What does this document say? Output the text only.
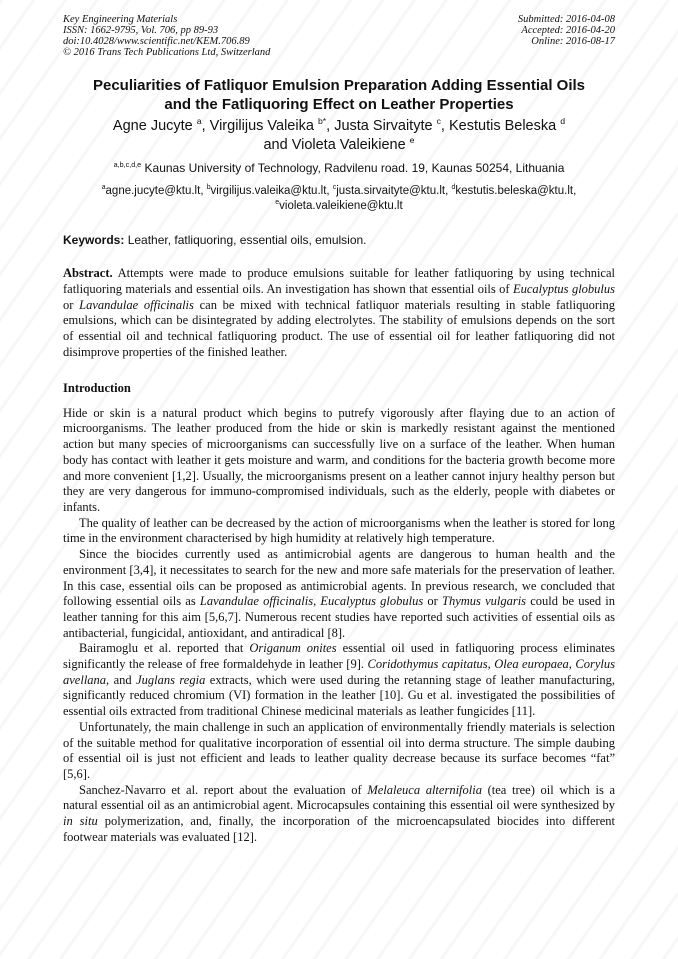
Key Engineering Materials
ISSN: 1662-9795, Vol. 706, pp 89-93
doi:10.4028/www.scientific.net/KEM.706.89
© 2016 Trans Tech Publications Ltd, Switzerland
Submitted: 2016-04-08
Accepted: 2016-04-20
Online: 2016-08-17
Peculiarities of Fatliquor Emulsion Preparation Adding Essential Oils
and the Fatliquoring Effect on Leather Properties
Agne Jucyte $^a$, Virgilijus Valeika $^{b*}$, Justa Sirvaityte $^c$, Kestutis Beleska $^d$
and Violeta Valeikiene $^e$
$^{a,b,c,d,e}$ Kaunas University of Technology, Radvilenu road. 19, Kaunas 50254, Lithuania
$^a$agne.jucyte@ktu.lt, $^b$virgilijus.valeika@ktu.lt, $^c$justa.sirvaityte@ktu.lt, $^d$kestutis.beleska@ktu.lt,
$^e$violeta.valeikiene@ktu.lt
Keywords: Leather, fatliquoring, essential oils, emulsion.

Abstract. Attempts were made to produce emulsions suitable for leather fatliquoring by using technical fatliquoring materials and essential oils. An investigation has shown that essential oils of Eucalyptus globulus or Lavandulae officinalis can be mixed with technical fatliquor materials resulting in stable fatliquoring emulsions, which can be disintegrated by adding electrolytes. The stability of emulsions depends on the sort of essential oil and technical fatliquoring product. The use of essential oil for leather fatliquoring did not disimprove properties of the finished leather.

Introduction

Hide or skin is a natural product which begins to putrefy vigorously after flaying due to an action of microorganisms. The leather produced from the hide or skin is markedly resistant against the mentioned action but many species of microorganisms can successfully live on a surface of the leather. When human body has contact with leather it gets moisture and warm, and conditions for the bacteria growth become more and more convenient [1,2]. Usually, the microorganisms present on a leather cannot injury healthy person but they are very dangerous for immuno-compromised individuals, such as the elderly, people with diabetes or infants.

The quality of leather can be decreased by the action of microorganisms when the leather is stored for long time in the environment characterised by high humidity at relatively high temperature.

Since the biocides currently used as antimicrobial agents are dangerous to human health and the environment [3,4], it necessitates to search for the new and more safe materials for the preservation of leather. In this case, essential oils can be proposed as antimicrobial agents. In previous research, we concluded that following essential oils as Lavandulae officinalis, Eucalyptus globulus or Thymus vulgaris could be used in leather tanning for this aim [5,6,7]. Numerous recent studies have reported such activities of essential oils as antibacterial, fungicidal, antioxidant, and antiradical [8].

Bairamoglu et al. reported that Origanum onites essential oil used in fatliquoring process eliminates significantly the release of free formaldehyde in leather [9]. Coridothymus capitatus, Olea europaea, Corylus avellana, and Juglans regia extracts, which were used during the retanning stage of leather manufacturing, significantly reduced chromium (VI) formation in the leather [10]. Gu et al. investigated the possibilities of essential oils extracted from traditional Chinese medicinal materials as leather fungicides [11].

Unfortunately, the main challenge in such an application of environmentally friendly materials is selection of the suitable method for qualitative incorporation of essential oil into derma structure. The simple daubing of essential oil is just not efficient and leads to leather quality decrease because its surface becomes “fat” [5,6].

Sanchez-Navarro et al. report about the evaluation of Melaleuca alternifolia (tea tree) oil which is a natural essential oil as an antimicrobial agent. Microcapsules containing this essential oil were synthesized by in situ polymerization, and, finally, the incorporation of the microencapsulated biocides into different footwear materials was evaluated [12].
